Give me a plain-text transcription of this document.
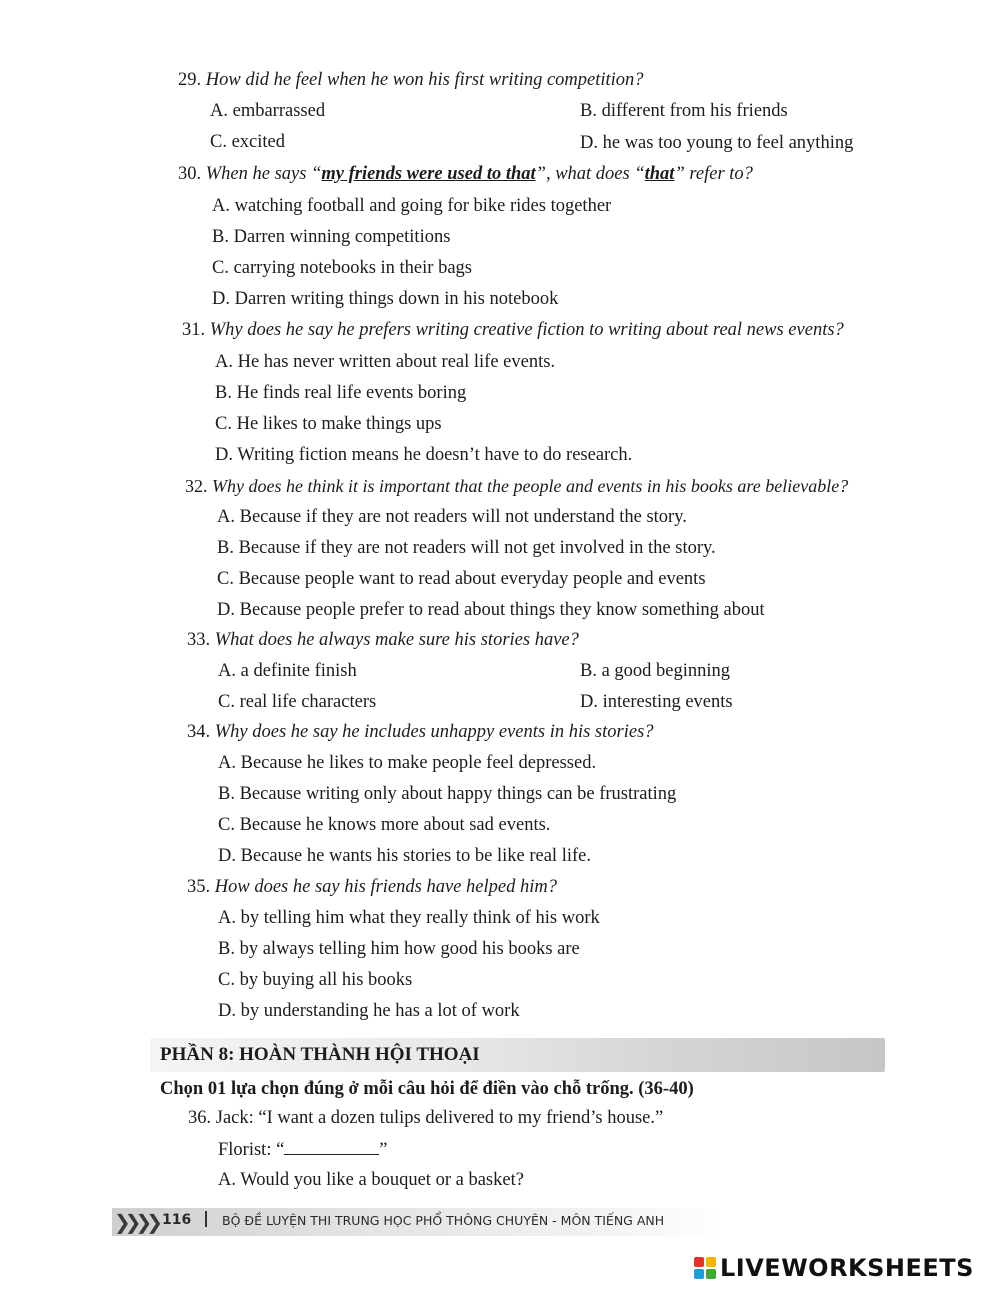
29. How did he feel when he won his first writing competition?
A. embarrassed	B. different from his friends
C. excited	D. he was too young to feel anything
30. When he says “my friends were used to that”, what does “that” refer to?
A. watching football and going for bike rides together
B. Darren winning competitions
C. carrying notebooks in their bags
D. Darren writing things down in his notebook
31. Why does he say he prefers writing creative fiction to writing about real news events?
A. He has never written about real life events.
B. He finds real life events boring
C. He likes to make things ups
D. Writing fiction means he doesn’t have to do research.
32. Why does he think it is important that the people and events in his books are believable?
A. Because if they are not readers will not understand the story.
B. Because if they are not readers will not get involved in the story.
C. Because people want to read about everyday people and events
D. Because people prefer to read about things they know something about
33. What does he always make sure his stories have?
A. a definite finish	B. a good beginning
C. real life characters	D. interesting events
34. Why does he say he includes unhappy events in his stories?
A. Because he likes to make people feel depressed.
B. Because writing only about happy things can be frustrating
C. Because he knows more about sad events.
D. Because he wants his stories to be like real life.
35. How does he say his friends have helped him?
A. by telling him what they really think of his work
B. by always telling him how good his books are
C. by buying all his books
D. by understanding he has a lot of work
PHẦN 8: HOÀN THÀNH HỘI THOẠI
Chọn 01 lựa chọn đúng ở mỗi câu hỏi để điền vào chỗ trống. (36-40)
36. Jack: “I want a dozen tulips delivered to my friend’s house.”
Florist: “	”
A. Would you like a bouquet or a basket?
❯❯❯❯ 116 BỘ ĐỀ LUYỆN THI TRUNG HỌC PHỔ THÔNG CHUYÊN - MÔN TIẾNG ANH
LIVEWORKSHEETS
